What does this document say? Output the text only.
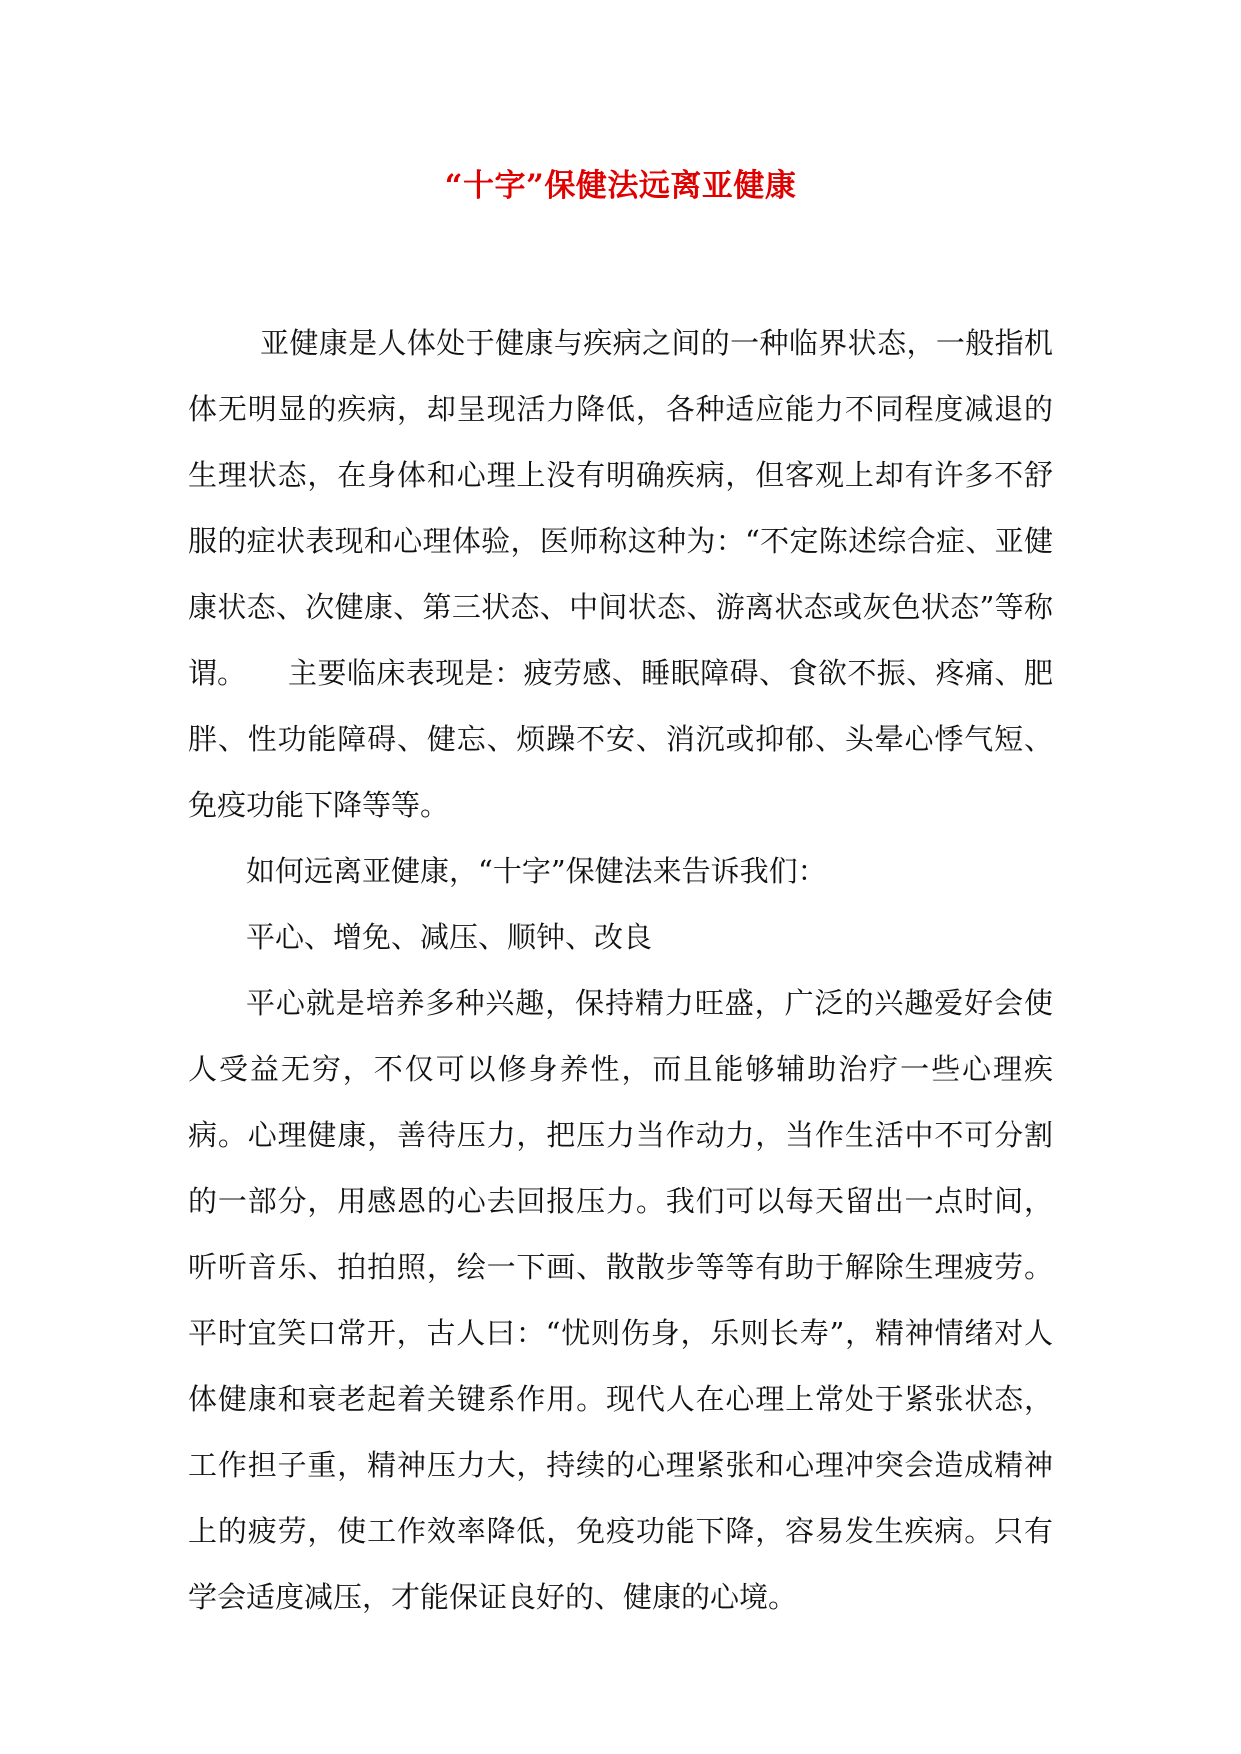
“十字”保健法远离亚健康

亚健康是人体处于健康与疾病之间的一种临界状态，一般指机体无明显的疾病，却呈现活力降低，各种适应能力不同程度减退的生理状态，在身体和心理上没有明确疾病，但客观上却有许多不舒服的症状表现和心理体验，医师称这种为：“不定陈述综合症、亚健康状态、次健康、第三状态、中间状态、游离状态或灰色状态”等称谓。	主要临床表现是：疲劳感、睡眠障碍、食欲不振、疼痛、肥胖、性功能障碍、健忘、烦躁不安、消沉或抑郁、头晕心悸气短、免疫功能下降等等。

如何远离亚健康，“十字”保健法来告诉我们：

平心、增免、减压、顺钟、改良

平心就是培养多种兴趣，保持精力旺盛，广泛的兴趣爱好会使人受益无穷，不仅可以修身养性，而且能够辅助治疗一些心理疾病。心理健康，善待压力，把压力当作动力，当作生活中不可分割的一部分，用感恩的心去回报压力。我们可以每天留出一点时间，听听音乐、拍拍照，绘一下画、散散步等等有助于解除生理疲劳。平时宜笑口常开，古人曰：“忧则伤身，乐则长寿”，精神情绪对人体健康和衰老起着关键系作用。现代人在心理上常处于紧张状态，工作担子重，精神压力大，持续的心理紧张和心理冲突会造成精神上的疲劳，使工作效率降低，免疫功能下降，容易发生疾病。只有学会适度减压，才能保证良好的、健康的心境。
